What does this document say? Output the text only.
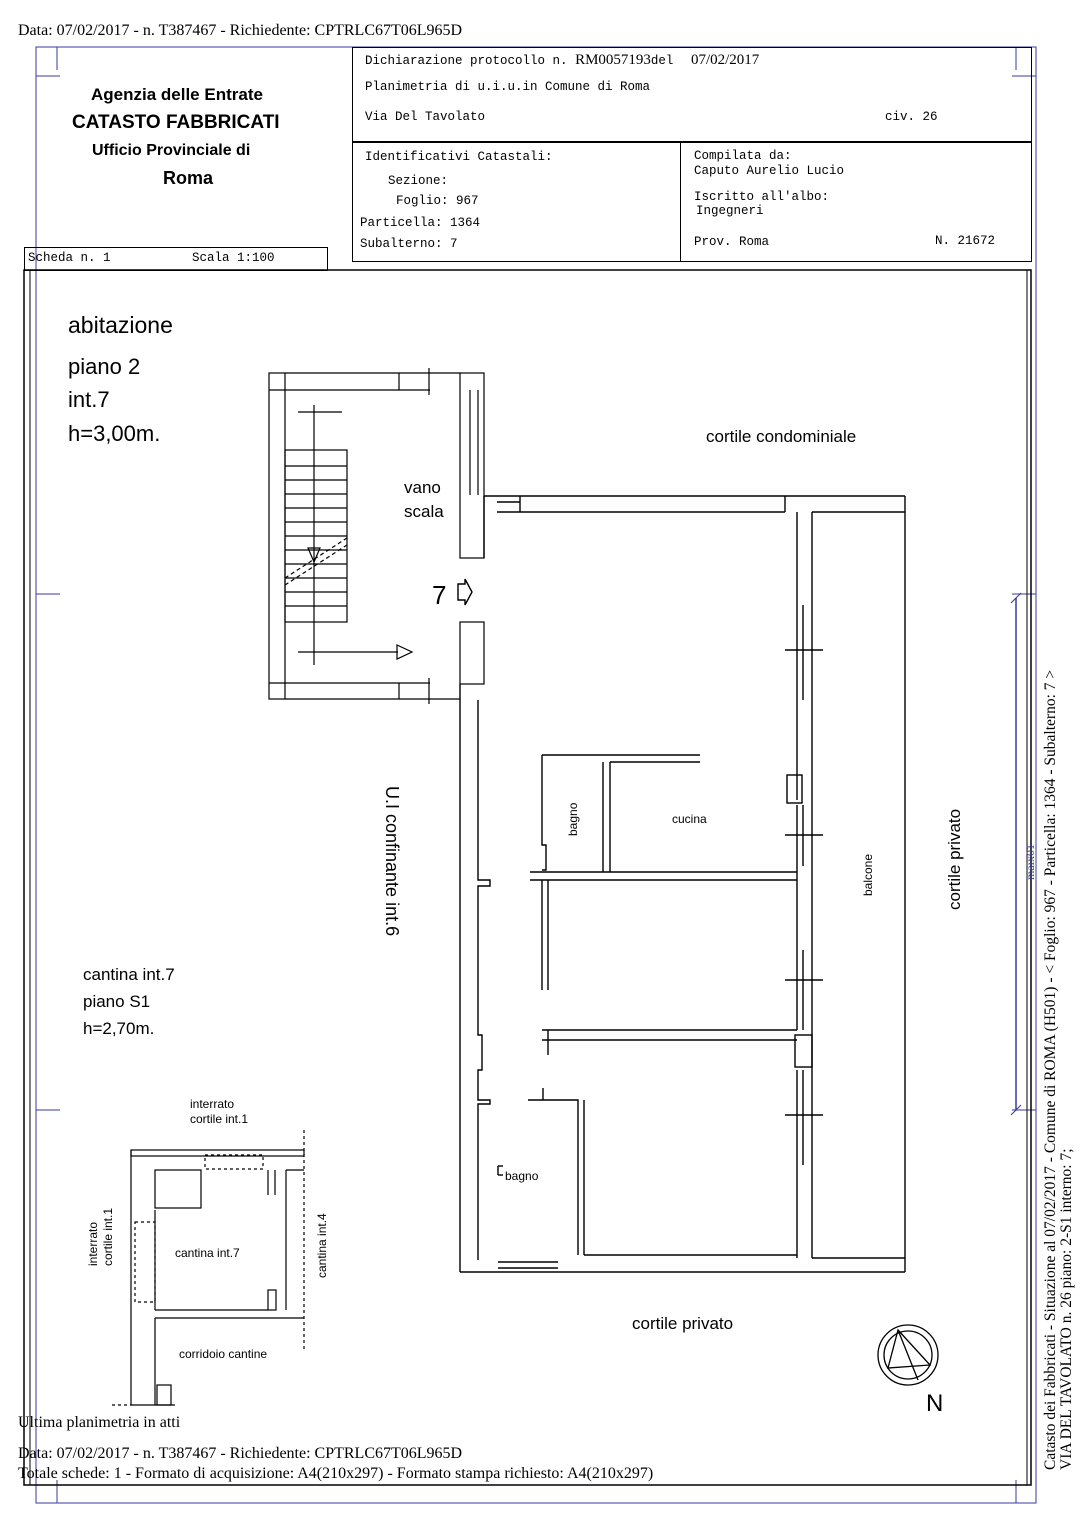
Data: 07/02/2017 - n. T387467 - Richiedente: CPTRLC67T06L965D
Agenzia delle Entrate
CATASTO FABBRICATI
Ufficio Provinciale di
Roma
Dichiarazione protocollo n. RM0057193del 07/02/2017
Planimetria di u.i.u.in Comune di Roma
Via Del Tavolato	civ. 26
Identificativi Catastali:
Sezione:
Foglio: 967
Particella: 1364
Subalterno: 7
Compilata da:
Caputo Aurelio Lucio
Iscritto all'albo:
Ingegneri
Prov. Roma	N. 21672
Scheda n. 1	Scala 1:100
abitazione
piano 2
int.7
h=3,00m.
vano
scala
7
cortile condominiale
cortile privato
cortile privato
U.I confinante int.6	bagno	cucina
balcone
bagno
cantina int.7
piano S1
h=2,70m.
interrato
cortile int.1
interrato cortile int.1	cantina int.7	cantina int.4
corridoio cantine
N
maix01
Ultima planimetria in atti
Data: 07/02/2017 - n. T387467 - Richiedente: CPTRLC67T06L965D
Totale schede: 1 - Formato di acquisizione: A4(210x297) - Formato stampa richiesto: A4(210x297)
Catasto dei Fabbricati - Situazione al 07/02/2017 - Comune di ROMA (H501) - < Foglio: 967 - Particella: 1364 - Subalterno: 7 > VIA DEL TAVOLATO n. 26 piano: 2-S1 interno: 7;
